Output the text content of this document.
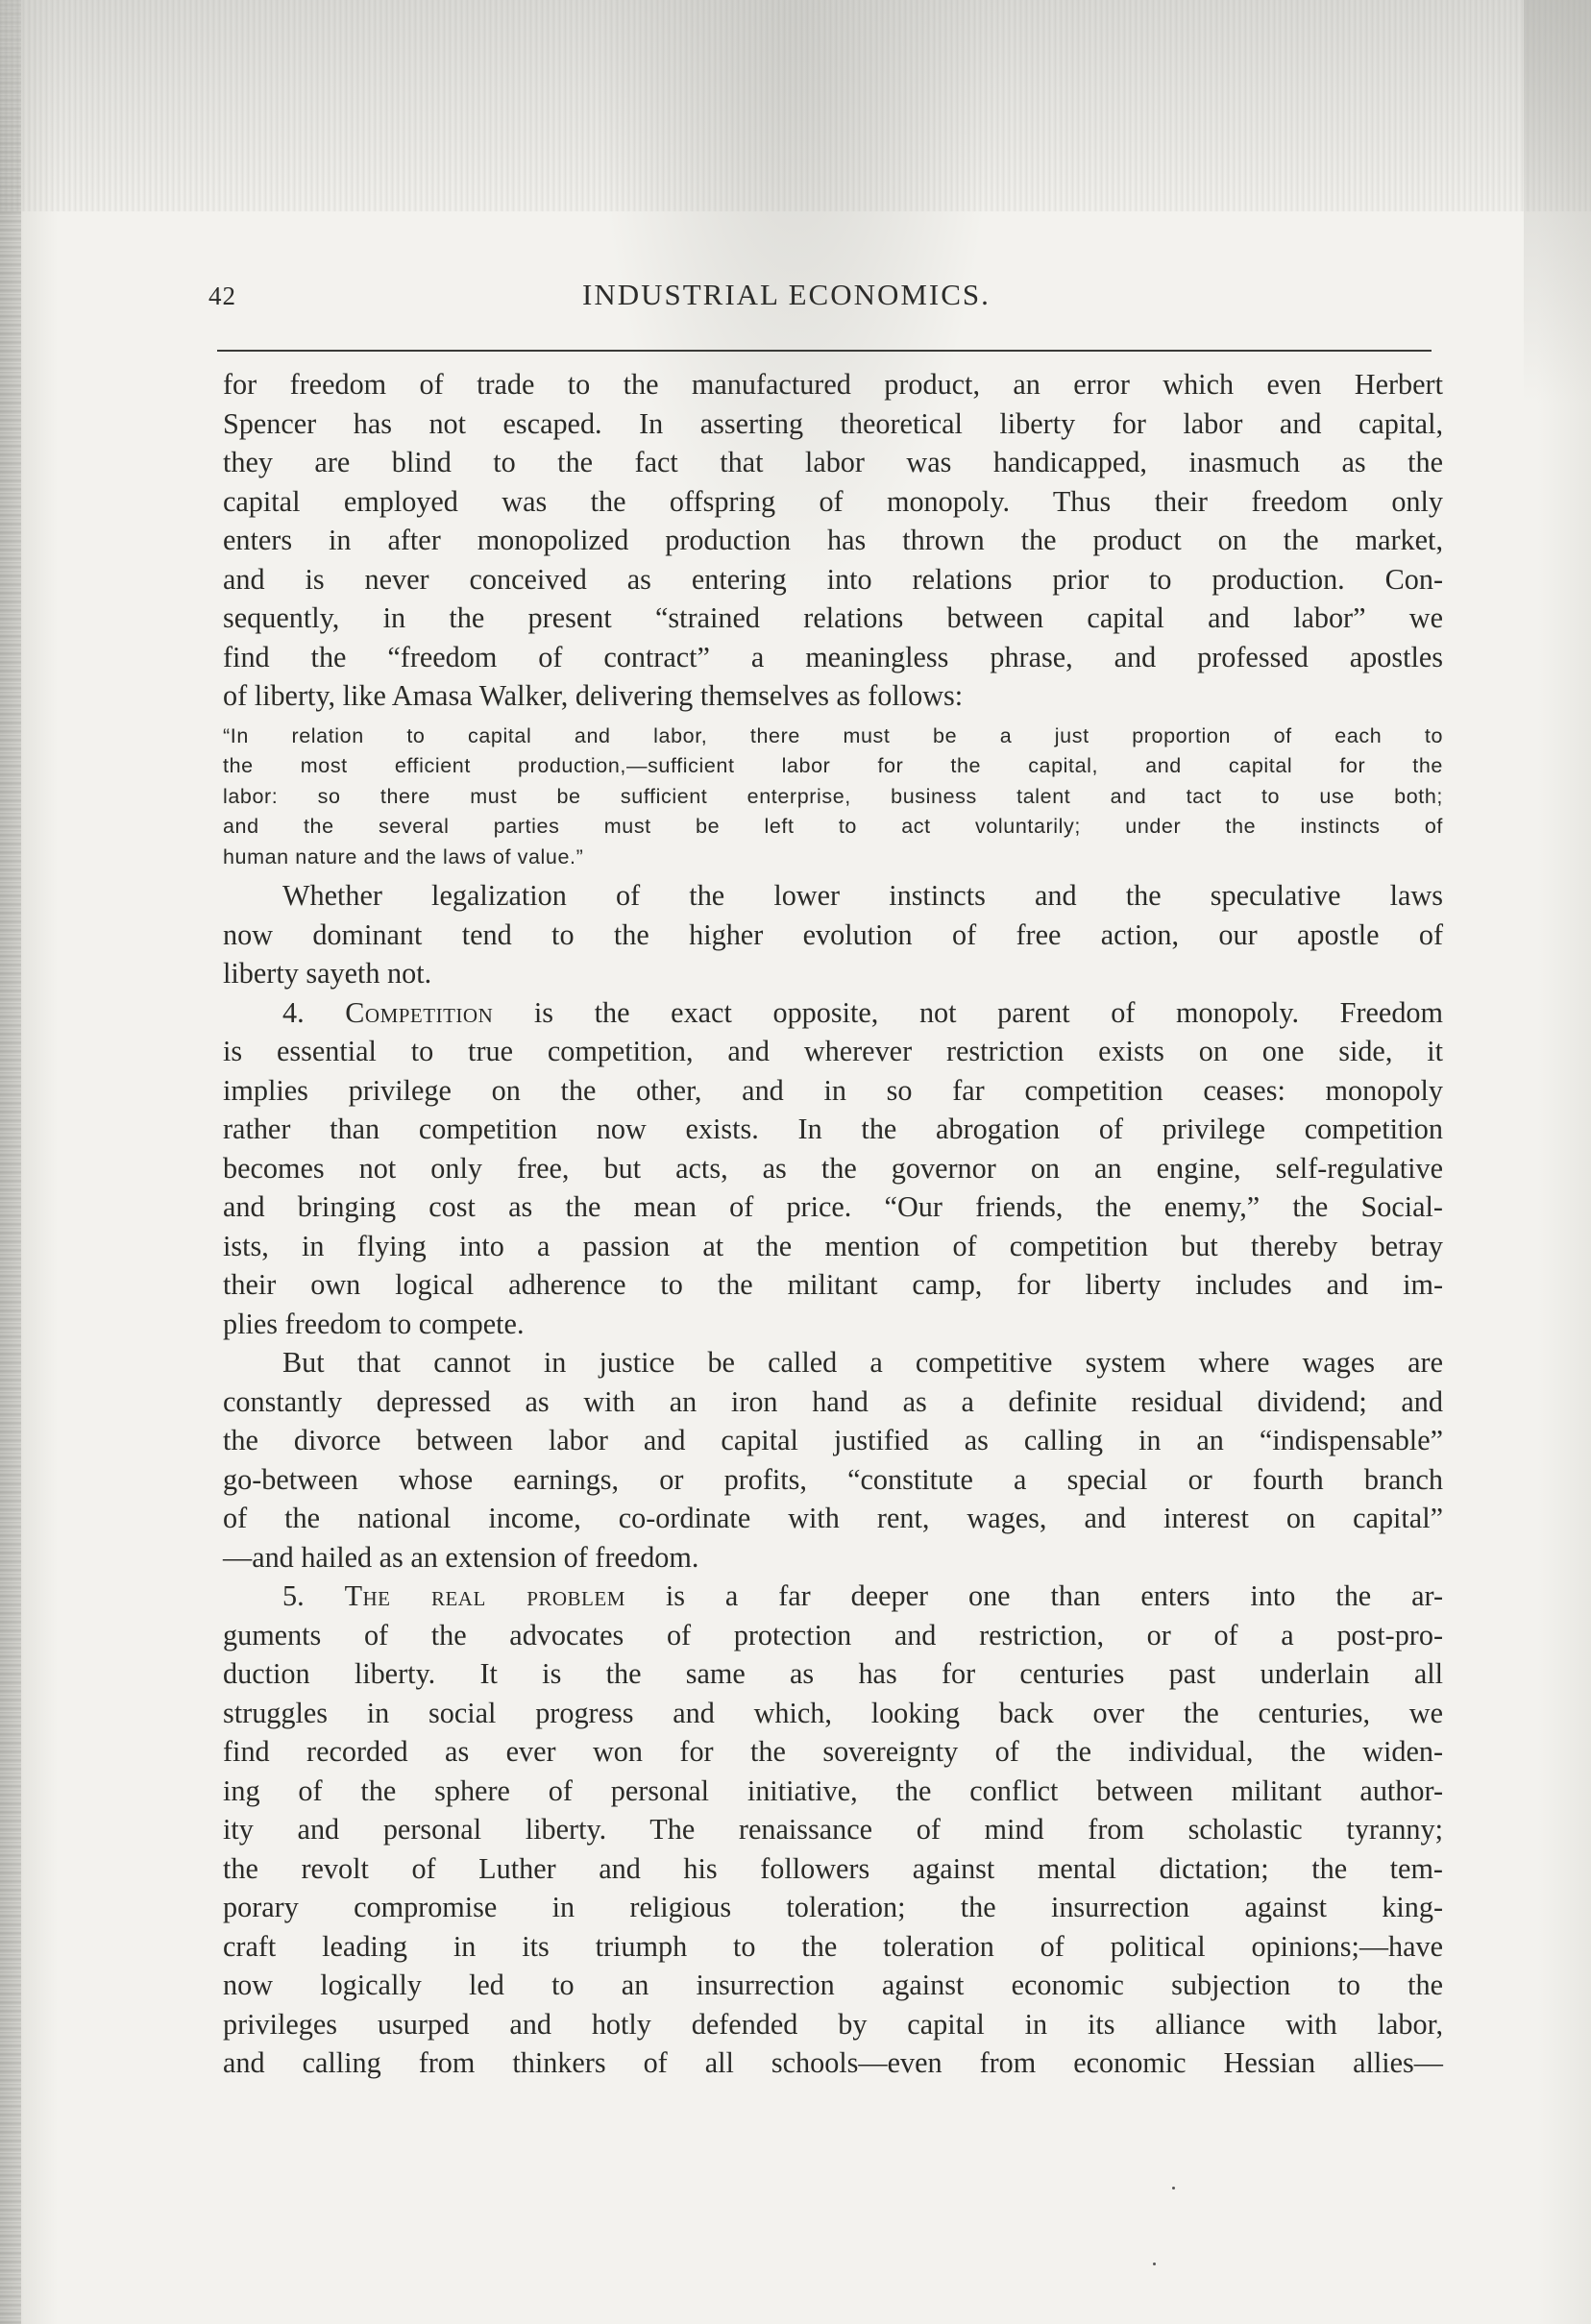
42	INDUSTRIAL ECONOMICS.
for freedom of trade to the manufactured product, an error which even Herbert
Spencer has not escaped. In asserting theoretical liberty for labor and capital,
they are blind to the fact that labor was handicapped, inasmuch as the
capital employed was the offspring of monopoly. Thus their freedom only
enters in after monopolized production has thrown the product on the market,
and is never conceived as entering into relations prior to production. Con-
sequently, in the present “strained relations between capital and labor” we
find the “freedom of contract” a meaningless phrase, and professed apostles
of liberty, like Amasa Walker, delivering themselves as follows:
“In relation to capital and labor, there must be a just proportion of each to
the most efficient production,—sufficient labor for the capital, and capital for the
labor: so there must be sufficient enterprise, business talent and tact to use both;
and the several parties must be left to act voluntarily; under the instincts of
human nature and the laws of value.”
Whether legalization of the lower instincts and the speculative laws
now dominant tend to the higher evolution of free action, our apostle of
liberty sayeth not.
4. Competition is the exact opposite, not parent of monopoly. Freedom
is essential to true competition, and wherever restriction exists on one side, it
implies privilege on the other, and in so far competition ceases: monopoly
rather than competition now exists. In the abrogation of privilege competition
becomes not only free, but acts, as the governor on an engine, self-regulative
and bringing cost as the mean of price. “Our friends, the enemy,” the Social-
ists, in flying into a passion at the mention of competition but thereby betray
their own logical adherence to the militant camp, for liberty includes and im-
plies freedom to compete.
But that cannot in justice be called a competitive system where wages are
constantly depressed as with an iron hand as a definite residual dividend; and
the divorce between labor and capital justified as calling in an “indispensable”
go-between whose earnings, or profits, “constitute a special or fourth branch
of the national income, co-ordinate with rent, wages, and interest on capital”
—and hailed as an extension of freedom.
5. The real problem is a far deeper one than enters into the ar-
guments of the advocates of protection and restriction, or of a post-pro-
duction liberty. It is the same as has for centuries past underlain all
struggles in social progress and which, looking back over the centuries, we
find recorded as ever won for the sovereignty of the individual, the widen-
ing of the sphere of personal initiative, the conflict between militant author-
ity and personal liberty. The renaissance of mind from scholastic tyranny;
the revolt of Luther and his followers against mental dictation; the tem-
porary compromise in religious toleration; the insurrection against king-
craft leading in its triumph to the toleration of political opinions;—have
now logically led to an insurrection against economic subjection to the
privileges usurped and hotly defended by capital in its alliance with labor,
and calling from thinkers of all schools—even from economic Hessian allies—
